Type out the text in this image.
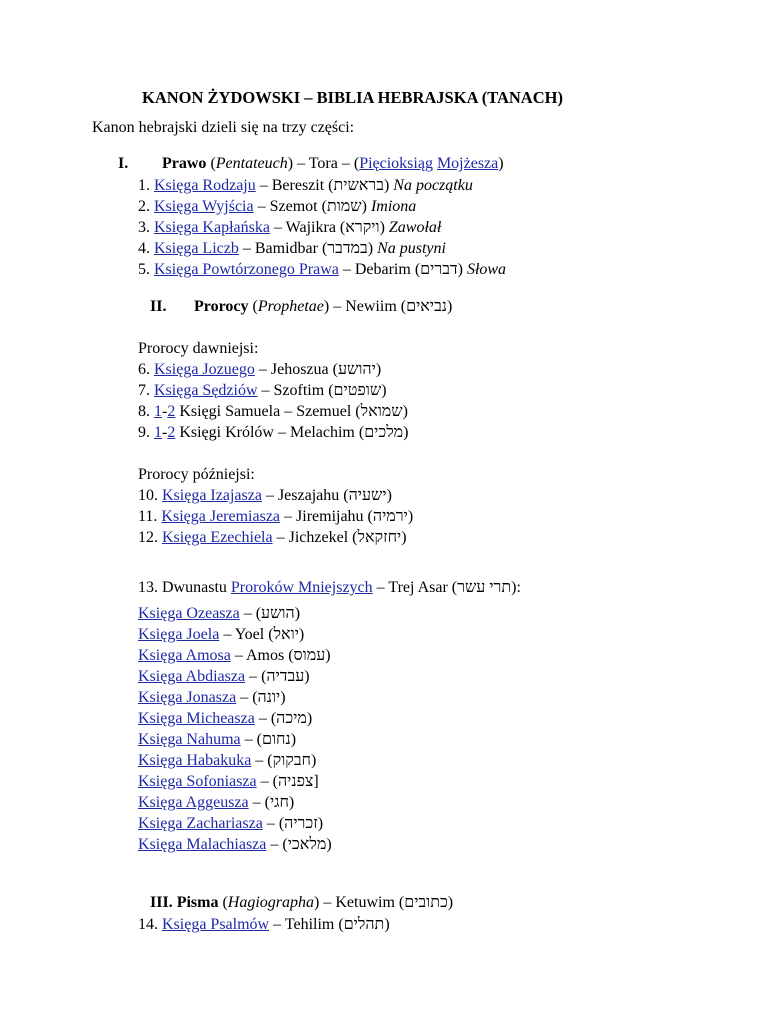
KANON ŻYDOWSKI – BIBLIA HEBRAJSKA (TANACH)
Kanon hebrajski dzieli się na trzy części:
I. Prawo (Pentateuch) – Tora – (Pięcioksiąg Mojżesza)
1. Księga Rodzaju – Bereszit (בראשית) Na początku
2. Księga Wyjścia – Szemot (שמות) Imiona
3. Księga Kapłańska – Wajikra (ויקרא) Zawołał
4. Księga Liczb – Bamidbar (במדבר) Na pustyni
5. Księga Powtórzonego Prawa – Debarim (דברים) Słowa
II. Prorocy (Prophetae) – Newiim (נביאים)
Prorocy dawniejsi:
6. Księga Jozuego – Jehoszua (יהושע)
7. Księga Sędziów – Szoftim (שופטים)
8. 1-2 Księgi Samuela – Szemuel (שמואל)
9. 1-2 Księgi Królów – Melachim (מלכים)
Prorocy późniejsi:
10. Księga Izajasza – Jeszajahu (ישעיה)
11. Księga Jeremiasza – Jiremijahu (ירמיה)
12. Księga Ezechiela – Jichzekel (יחזקאל)
13. Dwunastu Proroków Mniejszych – Trej Asar (תרי עשר):
Księga Ozeasza – (הושע)
Księga Joela – Yoel (יואל)
Księga Amosa – Amos (עמוס)
Księga Abdiasza – (עבדיה)
Księga Jonasza – (יונה)
Księga Micheasza – (מיכה)
Księga Nahuma – (נחום)
Księga Habakuka – (חבקוק)
Księga Sofoniasza – (צפניה]
Księga Aggeusza – (חגי)
Księga Zachariasza – (זכריה)
Księga Malachiasza – (מלאכי)
III. Pisma (Hagiographa) – Ketuwim (כתובים)
14. Księga Psalmów – Tehilim (תהלים)
